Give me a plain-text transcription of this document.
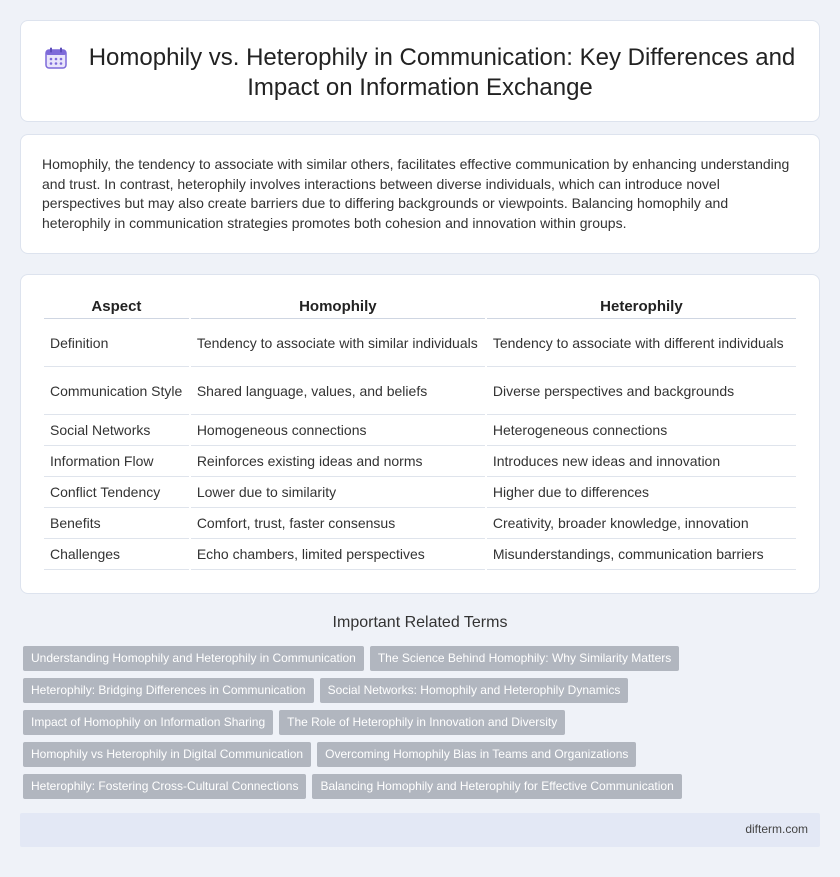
Homophily vs. Heterophily in Communication: Key Differences and Impact on Information Exchange

Homophily, the tendency to associate with similar others, facilitates effective communication by enhancing understanding and trust. In contrast, heterophily involves interactions between diverse individuals, which can introduce novel perspectives but may also create barriers due to differing backgrounds or viewpoints. Balancing homophily and heterophily in communication strategies promotes both cohesion and innovation within groups.

Aspect	Homophily	Heterophily
Definition	Tendency to associate with similar individuals	Tendency to associate with different individuals
Communication Style	Shared language, values, and beliefs	Diverse perspectives and backgrounds
Social Networks	Homogeneous connections	Heterogeneous connections
Information Flow	Reinforces existing ideas and norms	Introduces new ideas and innovation
Conflict Tendency	Lower due to similarity	Higher due to differences
Benefits	Comfort, trust, faster consensus	Creativity, broader knowledge, innovation
Challenges	Echo chambers, limited perspectives	Misunderstandings, communication barriers
Important Related Terms
Understanding Homophily and Heterophily in Communication The Science Behind Homophily: Why Similarity Matters
Heterophily: Bridging Differences in Communication Social Networks: Homophily and Heterophily Dynamics
Impact of Homophily on Information Sharing The Role of Heterophily in Innovation and Diversity
Homophily vs Heterophily in Digital Communication Overcoming Homophily Bias in Teams and Organizations
Heterophily: Fostering Cross-Cultural Connections Balancing Homophily and Heterophily for Effective Communication
difterm.com
